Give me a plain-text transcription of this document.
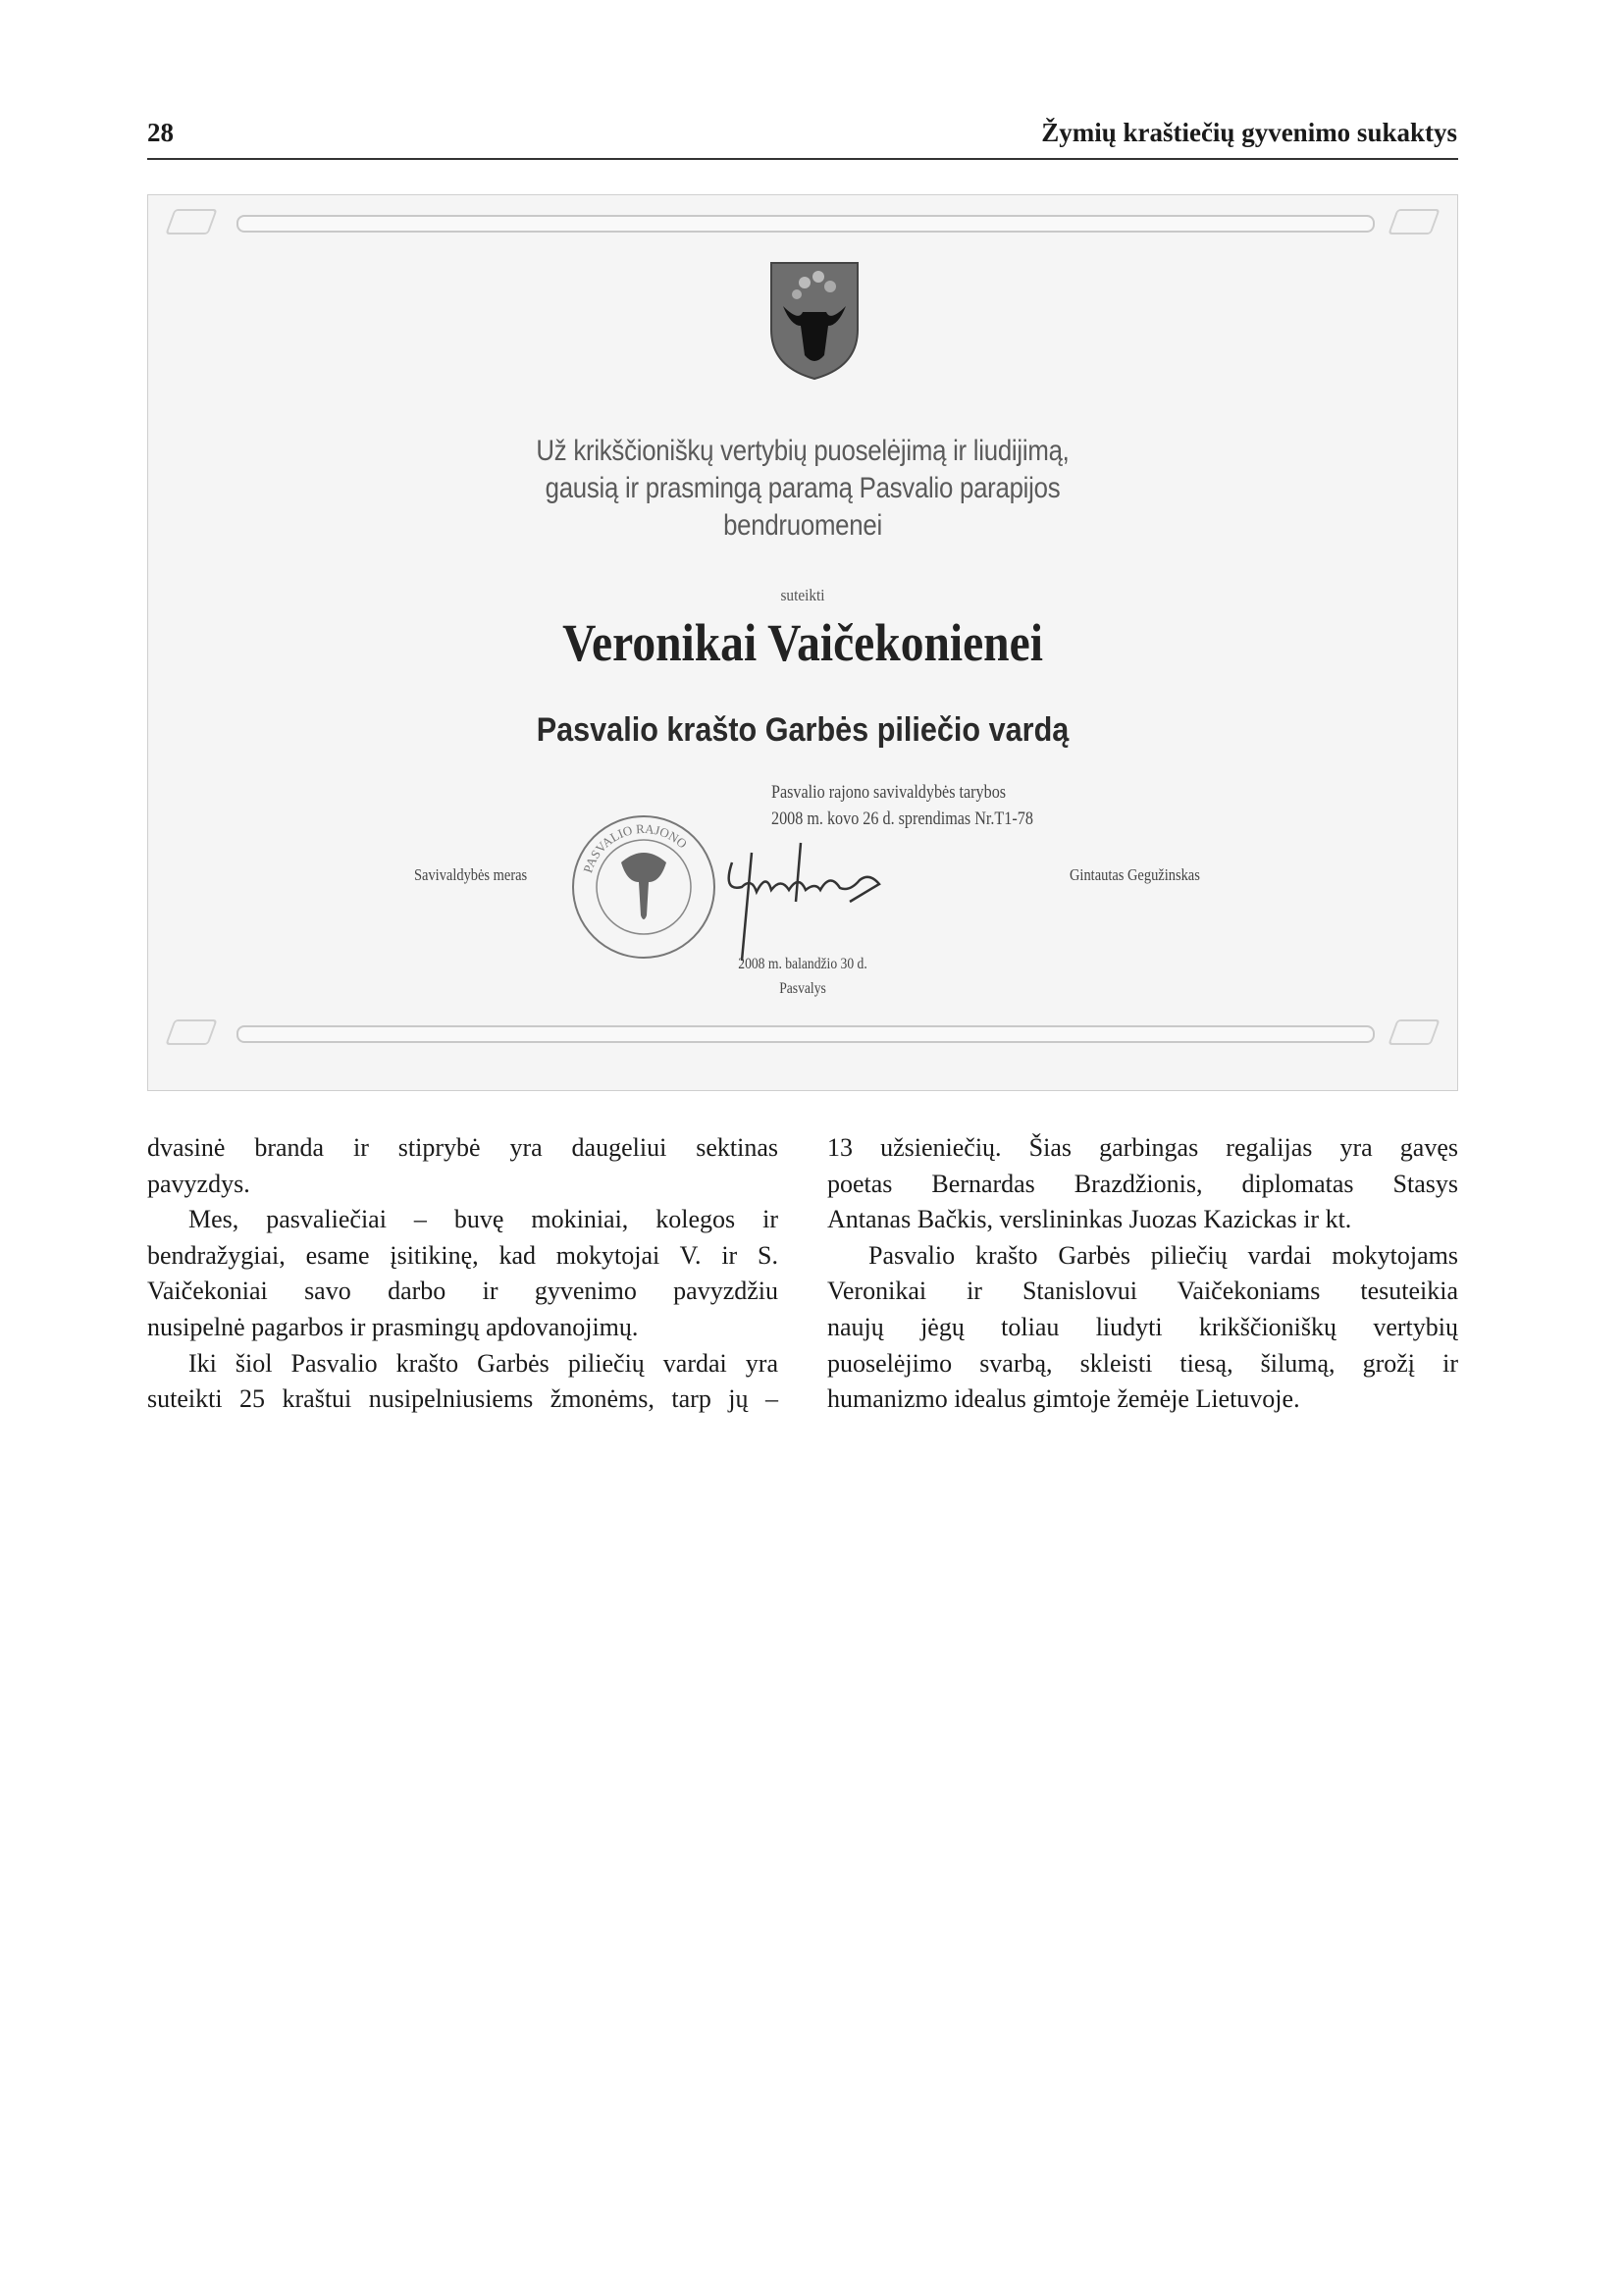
28	Žymių kraštiečių gyvenimo sukaktys
Už krikščioniškų vertybių puoselėjimą ir liudijimą,
gausią ir prasmingą paramą Pasvalio parapijos
bendruomenei
suteikti
Veronikai Vaičekonienei
Pasvalio krašto Garbės piliečio vardą
Pasvalio rajono savivaldybės tarybos
2008 m. kovo 26 d. sprendimas Nr.T1-78
Savivaldybės meras	Gintautas Gegužinskas
PASVALIO RAJONO
2008 m. balandžio 30 d.
Pasvalys
dvasinė branda ir stiprybė yra daugeliui sektinas
pavyzdys.
Mes, pasvaliečiai – buvę mokiniai, kolegos ir
bendražygiai, esame įsitikinę, kad mokytojai V. ir S.
Vaičekoniai savo darbo ir gyvenimo pavyzdžiu
nusipelnė pagarbos ir prasmingų apdovanojimų.
Iki šiol Pasvalio krašto Garbės piliečių vardai yra
suteikti 25 kraštui nusipelniusiems žmonėms, tarp jų –
13 užsieniečių. Šias garbingas regalijas yra gavęs
poetas Bernardas Brazdžionis, diplomatas Stasys
Antanas Bačkis, verslininkas Juozas Kazickas ir kt.
Pasvalio krašto Garbės piliečių vardai mokytojams
Veronikai ir Stanislovui Vaičekoniams tesuteikia
naujų jėgų toliau liudyti krikščioniškų vertybių
puoselėjimo svarbą, skleisti tiesą, šilumą, grožį ir
humanizmo idealus gimtoje žemėje Lietuvoje.
